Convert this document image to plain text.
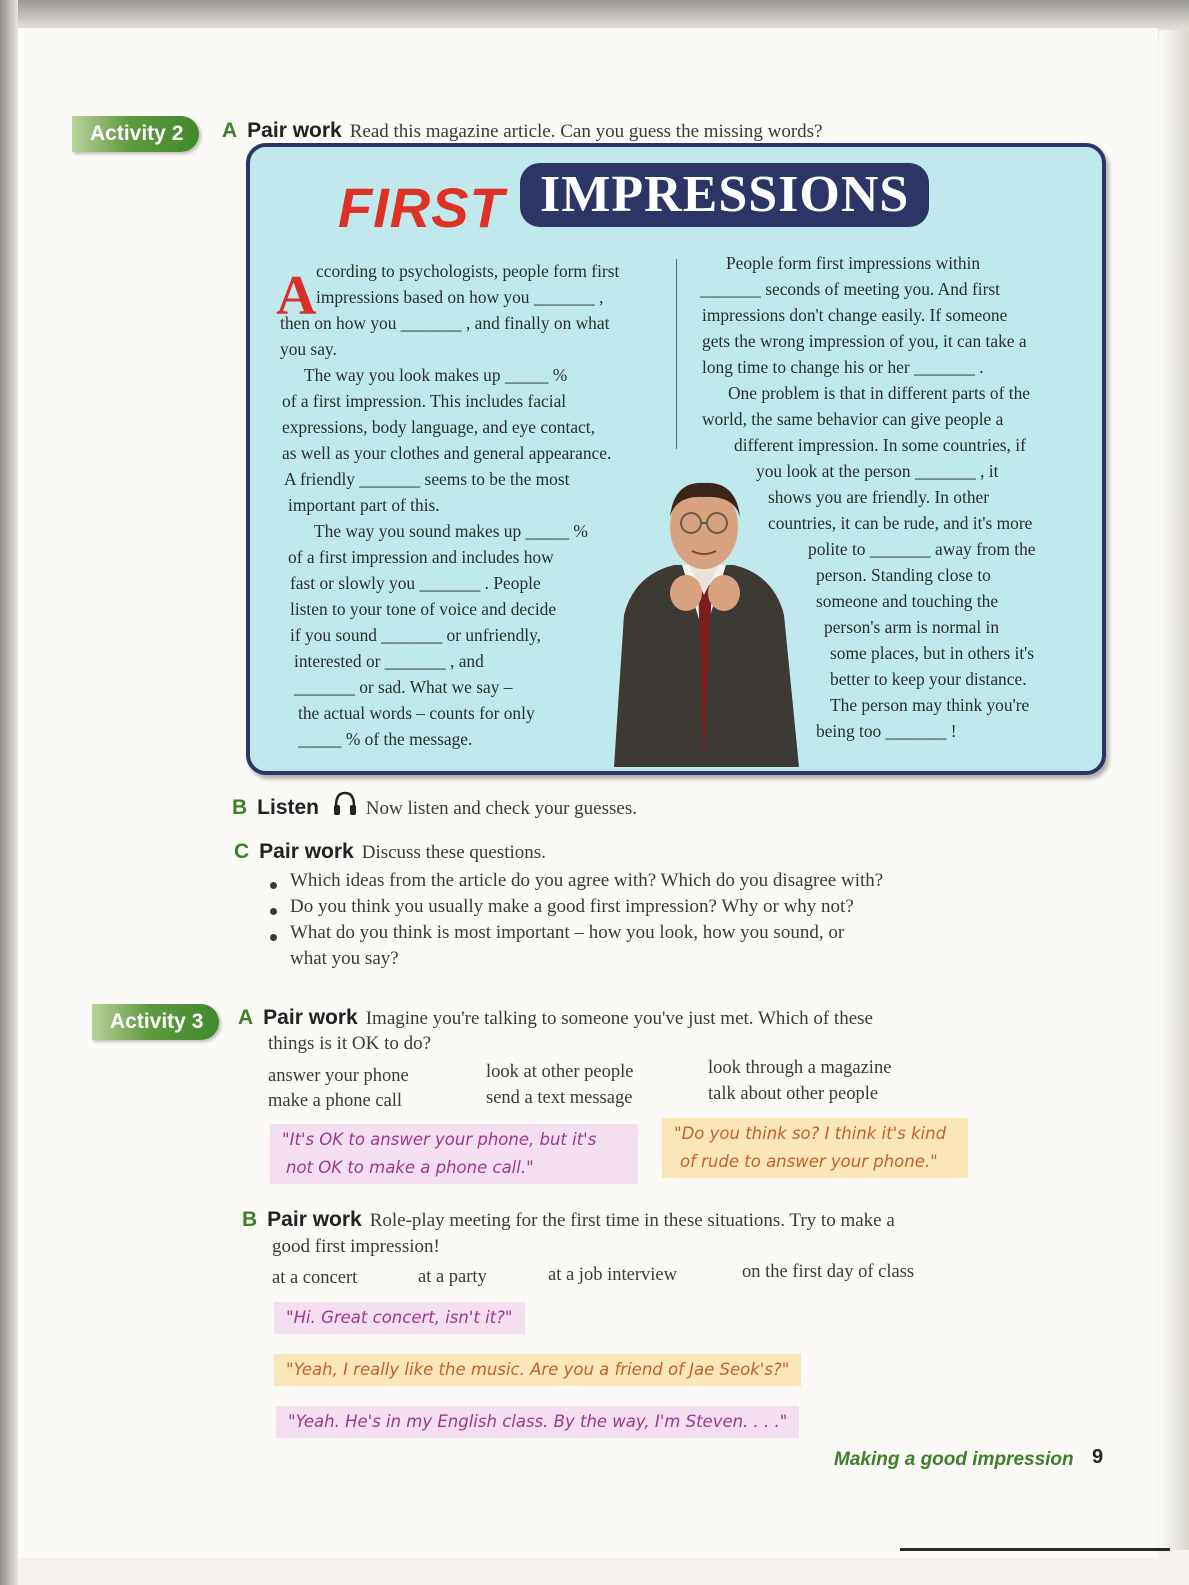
Activity 2	A Pair work Read this magazine article. Can you guess the missing words?
FIRST IMPRESSIONS
A ccording to psychologists, people form first
impressions based on how you _______ ,
then on how you _______ , and finally on what
you say.
The way you look makes up _____ %
of a first impression. This includes facial
expressions, body language, and eye contact,
as well as your clothes and general appearance.
A friendly _______ seems to be the most
important part of this.
The way you sound makes up _____ %
of a first impression and includes how
fast or slowly you _______ . People
listen to your tone of voice and decide
if you sound _______ or unfriendly,
interested or _______ , and
_______ or sad. What we say –
the actual words – counts for only
_____ % of the message.
People form first impressions within
_______ seconds of meeting you. And first
impressions don't change easily. If someone
gets the wrong impression of you, it can take a
long time to change his or her _______ .
One problem is that in different parts of the
world, the same behavior can give people a
different impression. In some countries, if
you look at the person _______ , it
shows you are friendly. In other
countries, it can be rude, and it's more
polite to _______ away from the
person. Standing close to
someone and touching the
person's arm is normal in
some places, but in others it's
better to keep your distance.
The person may think you're
being too _______ !
B Listen Now listen and check your guesses.
C Pair work Discuss these questions.
Which ideas from the article do you agree with? Which do you disagree with?
Do you think you usually make a good first impression? Why or why not?
What do you think is most important – how you look, how you sound, or
what you say?
Activity 3	A Pair work Imagine you're talking to someone you've just met. Which of these
things is it OK to do?
answer your phone
make a phone call
look at other people
send a text message
look through a magazine
talk about other people
"It's OK to answer your phone, but it's
not OK to make a phone call."
"Do you think so? I think it's kind
of rude to answer your phone."
B Pair work Role-play meeting for the first time in these situations. Try to make a
good first impression!
at a concert	at a party	at a job interview	on the first day of class
"Hi. Great concert, isn't it?"
"Yeah, I really like the music. Are you a friend of Jae Seok's?"
"Yeah. He's in my English class. By the way, I'm Steven. . . ."
Making a good impression 9
